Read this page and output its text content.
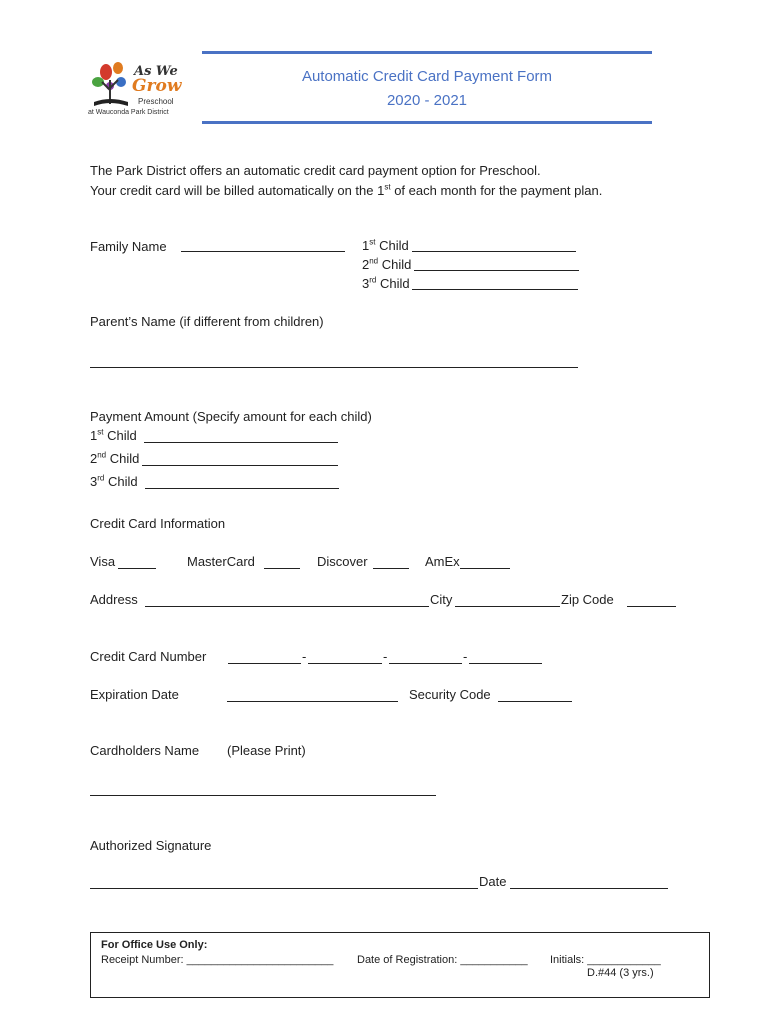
Automatic Credit Card Payment Form
2020 - 2021
As We
Grow
Preschool
at Wauconda Park District
The Park District offers an automatic credit card payment option for Preschool.
Your credit card will be billed automatically on the 1st of each month for the payment plan.
Family Name	1st Child
2nd Child
3rd Child
Parent’s Name (if different from children)
Payment Amount (Specify amount for each child)
1st Child
2nd Child
3rd Child
Credit Card Information
Visa	MasterCard	Discover	AmEx
Address	City	Zip Code
Credit Card Number	-	-	-
Expiration Date	Security Code
Cardholders Name (Please Print)
Authorized Signature
Date
For Office Use Only:
Receipt Number: ________________________ Date of Registration: ___________ Initials: ____________
D.#44 (3 yrs.)
